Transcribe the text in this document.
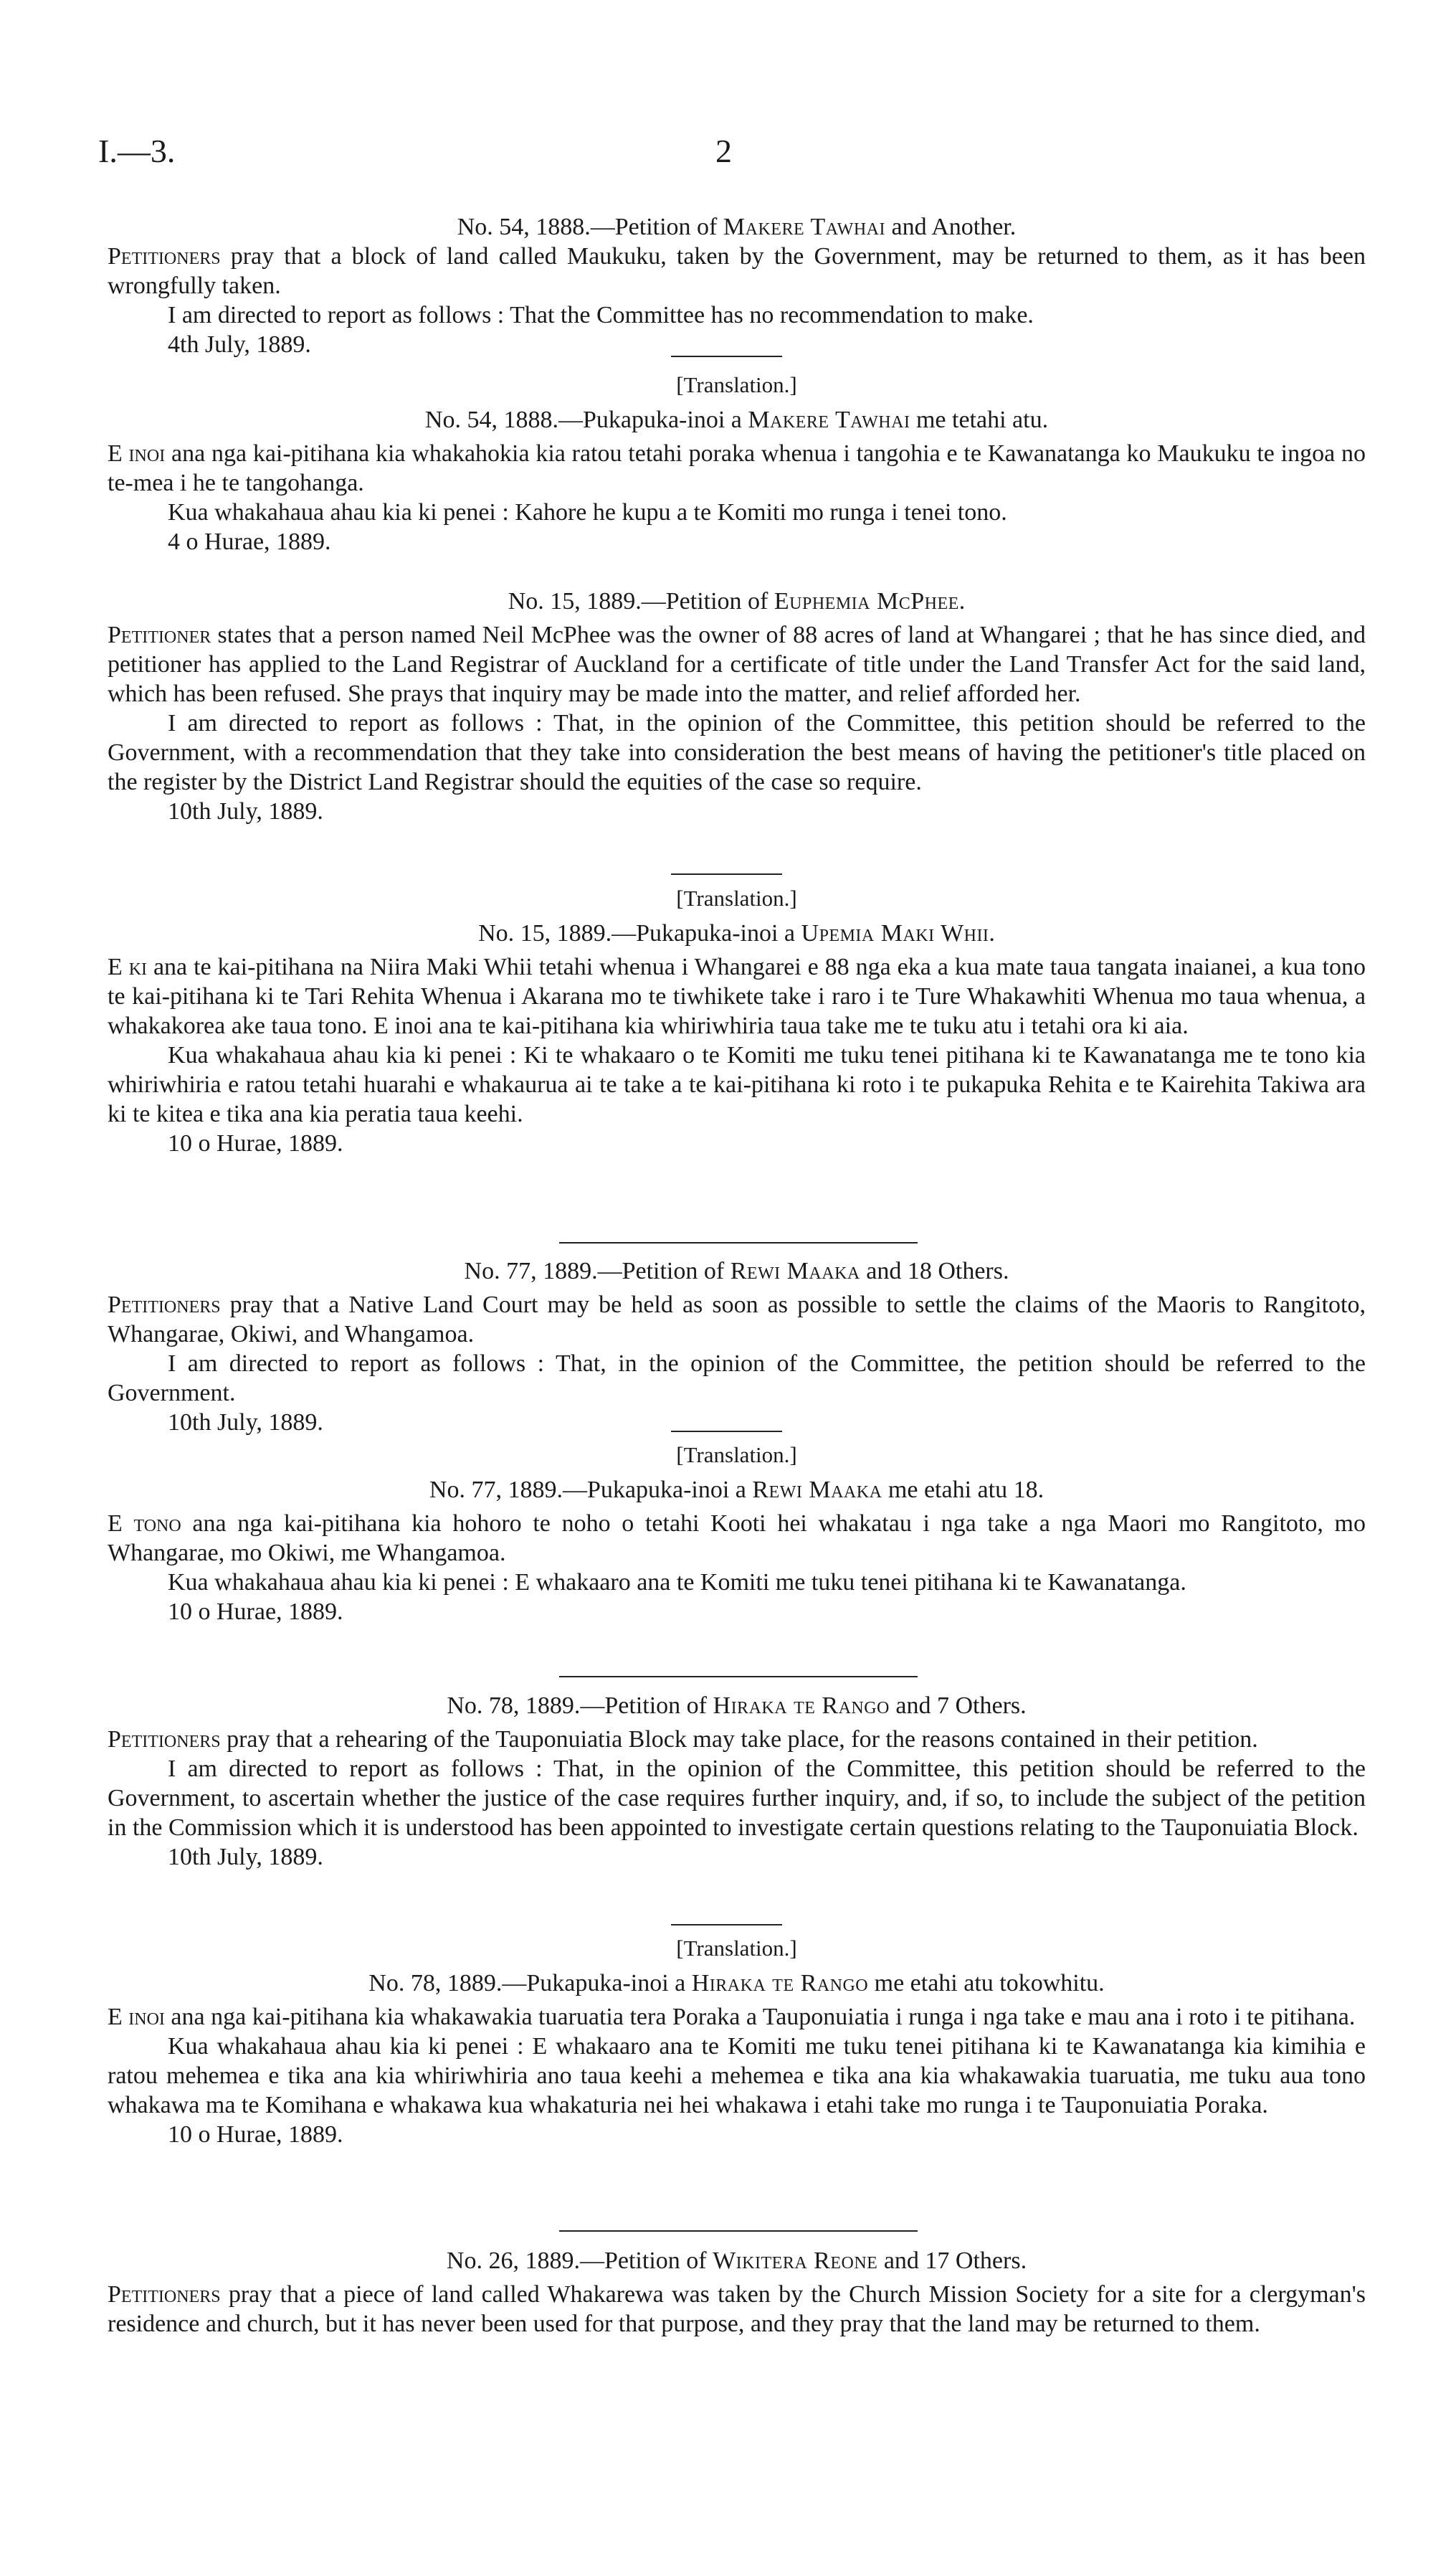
I.—3.	2

No. 54, 1888.—Petition of Makere Tawhai and Another.

Petitioners pray that a block of land called Maukuku, taken by the Government, may be returned to them, as it has been wrongfully taken.

I am directed to report as follows : That the Committee has no recommendation to make.

4th July, 1889.

[Translation.]

No. 54, 1888.—Pukapuka-inoi a Makere Tawhai me tetahi atu.

E inoi ana nga kai-pitihana kia whakahokia kia ratou tetahi poraka whenua i tangohia e te Kawanatanga ko Maukuku te ingoa no te-mea i he te tangohanga.

Kua whakahaua ahau kia ki penei : Kahore he kupu a te Komiti mo runga i tenei tono.

4 o Hurae, 1889.

No. 15, 1889.—Petition of Euphemia McPhee.

Petitioner states that a person named Neil McPhee was the owner of 88 acres of land at Whangarei ; that he has since died, and petitioner has applied to the Land Registrar of Auckland for a certificate of title under the Land Transfer Act for the said land, which has been refused. She prays that inquiry may be made into the matter, and relief afforded her.

I am directed to report as follows : That, in the opinion of the Committee, this petition should be referred to the Government, with a recommendation that they take into consideration the best means of having the petitioner's title placed on the register by the District Land Registrar should the equities of the case so require.

10th July, 1889.

[Translation.]

No. 15, 1889.—Pukapuka-inoi a Upemia Maki Whii.

E ki ana te kai-pitihana na Niira Maki Whii tetahi whenua i Whangarei e 88 nga eka a kua mate taua tangata inaianei, a kua tono te kai-pitihana ki te Tari Rehita Whenua i Akarana mo te tiwhikete take i raro i te Ture Whakawhiti Whenua mo taua whenua, a whakakorea ake taua tono. E inoi ana te kai-pitihana kia whiriwhiria taua take me te tuku atu i tetahi ora ki aia.

Kua whakahaua ahau kia ki penei : Ki te whakaaro o te Komiti me tuku tenei pitihana ki te Kawanatanga me te tono kia whiriwhiria e ratou tetahi huarahi e whakaurua ai te take a te kai-pitihana ki roto i te pukapuka Rehita e te Kairehita Takiwa ara ki te kitea e tika ana kia peratia taua keehi.

10 o Hurae, 1889.

No. 77, 1889.—Petition of Rewi Maaka and 18 Others.

Petitioners pray that a Native Land Court may be held as soon as possible to settle the claims of the Maoris to Rangitoto, Whangarae, Okiwi, and Whangamoa.

I am directed to report as follows : That, in the opinion of the Committee, the petition should be referred to the Government.

10th July, 1889.

[Translation.]

No. 77, 1889.—Pukapuka-inoi a Rewi Maaka me etahi atu 18.

E tono ana nga kai-pitihana kia hohoro te noho o tetahi Kooti hei whakatau i nga take a nga Maori mo Rangitoto, mo Whangarae, mo Okiwi, me Whangamoa.

Kua whakahaua ahau kia ki penei : E whakaaro ana te Komiti me tuku tenei pitihana ki te Kawanatanga.

10 o Hurae, 1889.

No. 78, 1889.—Petition of Hiraka te Rango and 7 Others.

Petitioners pray that a rehearing of the Tauponuiatia Block may take place, for the reasons contained in their petition.

I am directed to report as follows : That, in the opinion of the Committee, this petition should be referred to the Government, to ascertain whether the justice of the case requires further inquiry, and, if so, to include the subject of the petition in the Commission which it is understood has been appointed to investigate certain questions relating to the Tauponuiatia Block.

10th July, 1889.

[Translation.]

No. 78, 1889.—Pukapuka-inoi a Hiraka te Rango me etahi atu tokowhitu.

E inoi ana nga kai-pitihana kia whakawakia tuaruatia tera Poraka a Tauponuiatia i runga i nga take e mau ana i roto i te pitihana.

Kua whakahaua ahau kia ki penei : E whakaaro ana te Komiti me tuku tenei pitihana ki te Kawanatanga kia kimihia e ratou mehemea e tika ana kia whiriwhiria ano taua keehi a mehemea e tika ana kia whakawakia tuaruatia, me tuku aua tono whakawa ma te Komihana e whakawa kua whakaturia nei hei whakawa i etahi take mo runga i te Tauponuiatia Poraka.

10 o Hurae, 1889.

No. 26, 1889.—Petition of Wikitera Reone and 17 Others.

Petitioners pray that a piece of land called Whakarewa was taken by the Church Mission Society for a site for a clergyman's residence and church, but it has never been used for that purpose, and they pray that the land may be returned to them.
